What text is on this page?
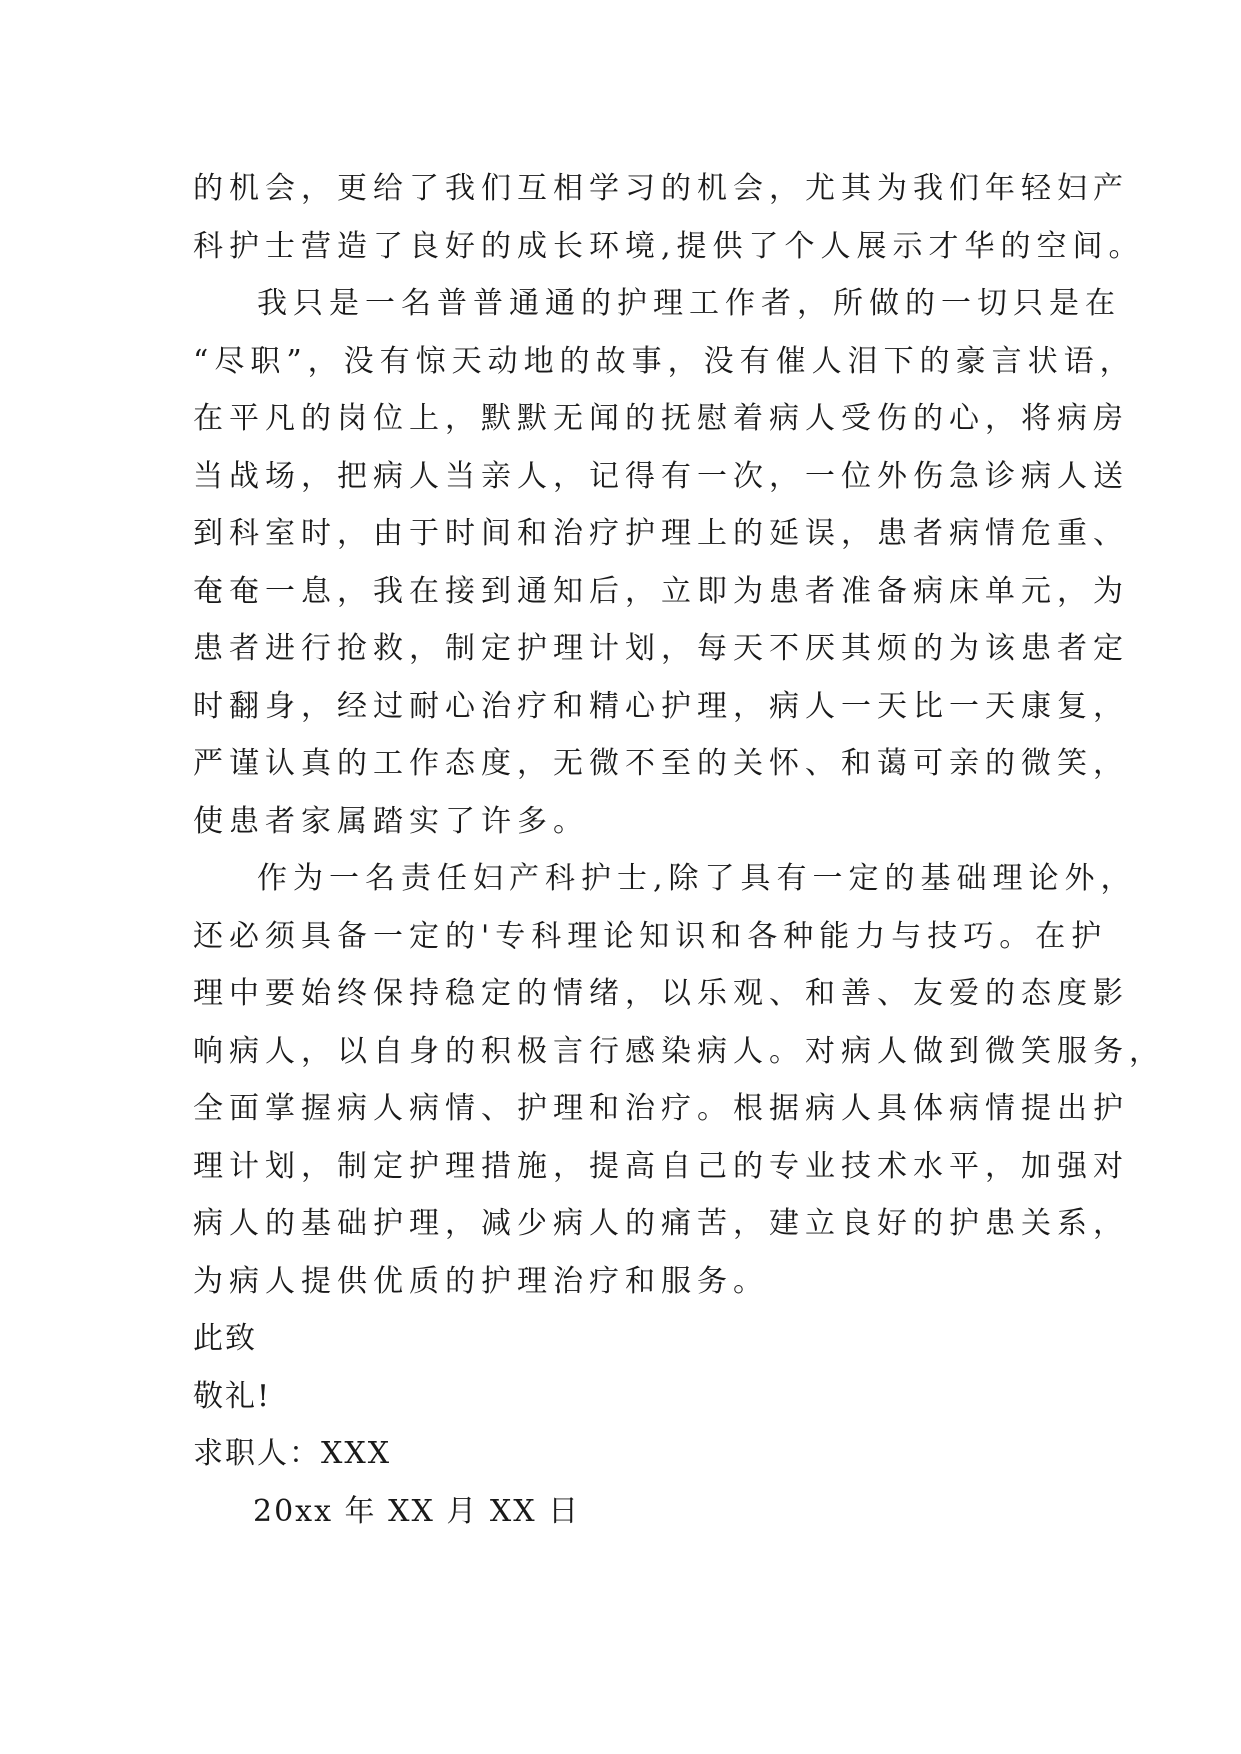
的机会，更给了我们互相学习的机会，尤其为我们年轻妇产
科护士营造了良好的成长环境,提供了个人展示才华的空间。
我只是一名普普通通的护理工作者，所做的一切只是在
“尽职”，没有惊天动地的故事，没有催人泪下的豪言状语，
在平凡的岗位上，默默无闻的抚慰着病人受伤的心，将病房
当战场，把病人当亲人，记得有一次，一位外伤急诊病人送
到科室时，由于时间和治疗护理上的延误，患者病情危重、
奄奄一息，我在接到通知后，立即为患者准备病床单元，为
患者进行抢救，制定护理计划，每天不厌其烦的为该患者定
时翻身，经过耐心治疗和精心护理，病人一天比一天康复，
严谨认真的工作态度，无微不至的关怀、和蔼可亲的微笑，
使患者家属踏实了许多。
作为一名责任妇产科护士,除了具有一定的基础理论外，
还必须具备一定的'专科理论知识和各种能力与技巧。在护
理中要始终保持稳定的情绪，以乐观、和善、友爱的态度影
响病人，以自身的积极言行感染病人。对病人做到微笑服务，
全面掌握病人病情、护理和治疗。根据病人具体病情提出护
理计划，制定护理措施，提高自己的专业技术水平，加强对
病人的基础护理，减少病人的痛苦，建立良好的护患关系，
为病人提供优质的护理治疗和服务。
此致
敬礼!
求职人：XXX
20xx 年 XX 月 XX 日
